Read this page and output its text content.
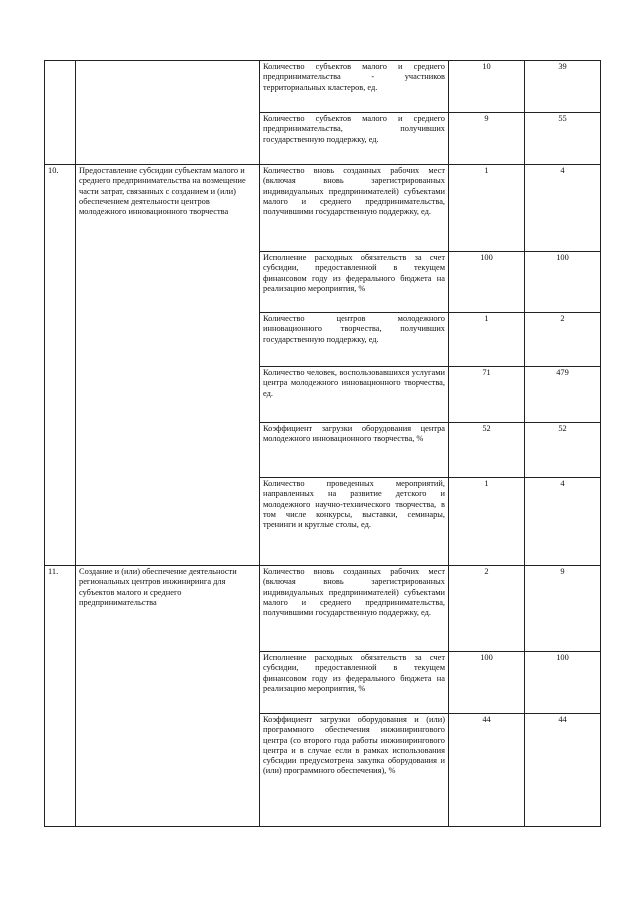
		Количество субъектов малого и среднего предпринимательства - участников территориальных кластеров, ед.	10	39
		Количество субъектов малого и среднего предпринимательства, получивших государственную поддержку, ед.	9	55
10.	Предоставление субсидии субъектам малого и среднего предпринимательства на возмещение части затрат, связанных с созданием и (или) обеспечением деятельности центров молодежного инновационного творчества	Количество вновь созданных рабочих мест (включая вновь зарегистрированных индивидуальных предпринимателей) субъектами малого и среднего предпринимательства, получившими государственную поддержку, ед.	1	4
		Исполнение расходных обязательств за счет субсидии, предоставленной в текущем финансовом году из федерального бюджета на реализацию мероприятия, %	100	100
		Количество центров молодежного инновационного творчества, получивших государственную поддержку, ед.	1	2
		Количество человек, воспользовавшихся услугами центра молодежного инновационного творчества, ед.	71	479
		Коэффициент загрузки оборудования центра молодежного инновационного творчества, %	52	52
		Количество проведенных мероприятий, направленных на развитие детского и молодежного научно-технического творчества, в том числе конкурсы, выставки, семинары, тренинги и круглые столы, ед.	1	4
11.	Создание и (или) обеспечение деятельности региональных центров инжиниринга для субъектов малого и среднего предпринимательства	Количество вновь созданных рабочих мест (включая вновь зарегистрированных индивидуальных предпринимателей) субъектами малого и среднего предпринимательства, получившими государственную поддержку, ед.	2	9
		Исполнение расходных обязательств за счет субсидии, предоставленной в текущем финансовом году из федерального бюджета на реализацию мероприятия, %	100	100
		Коэффициент загрузки оборудования и (или) программного обеспечения инжинирингового центра (со второго года работы инжинирингового центра и в случае если в рамках использования субсидии предусмотрена закупка оборудования и (или) программного обеспечения), %	44	44
